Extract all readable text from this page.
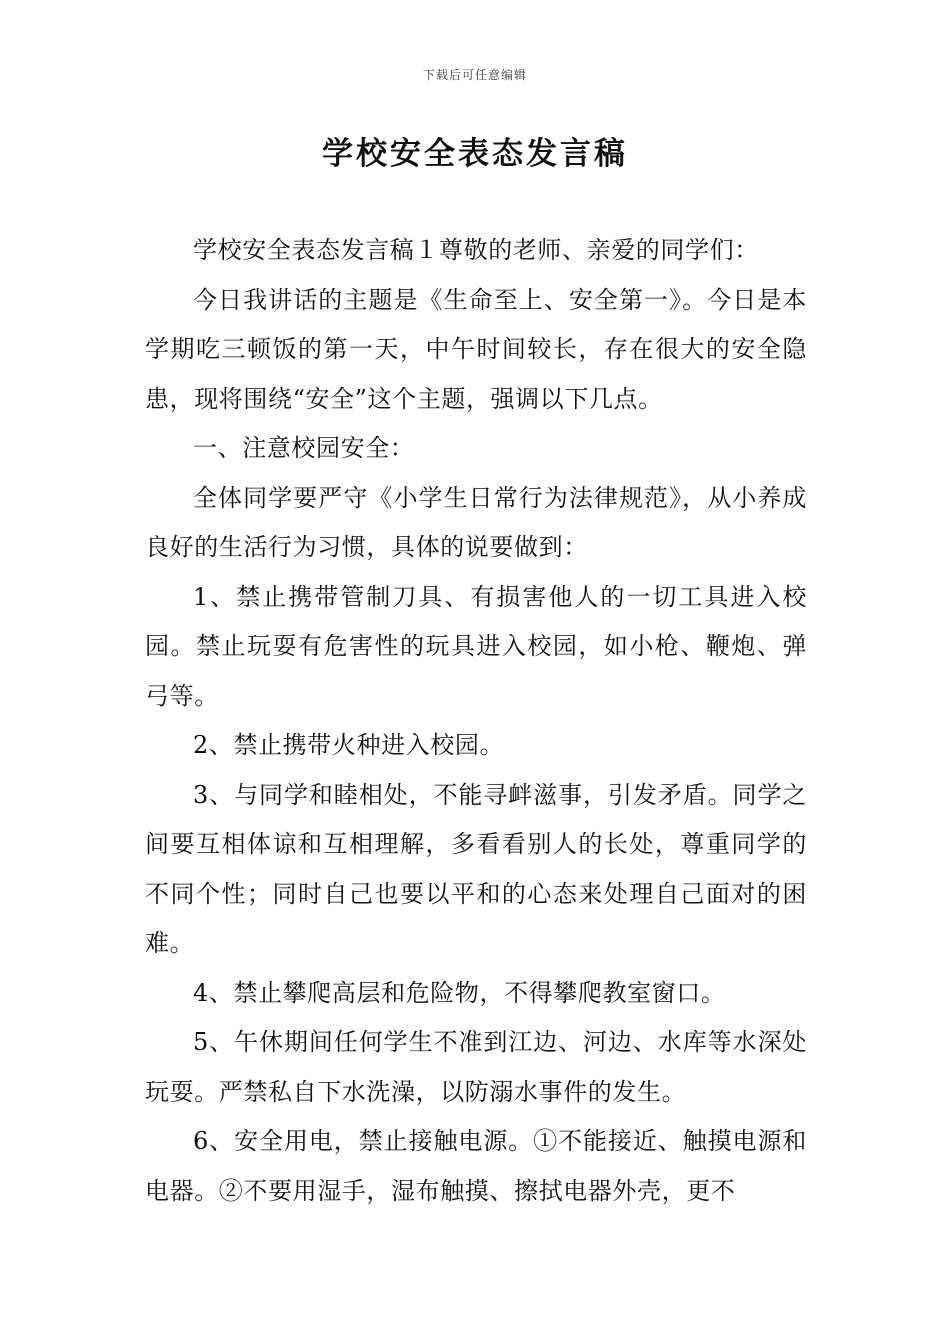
下载后可任意编辑
学校安全表态发言稿

学校安全表态发言稿１尊敬的老师、亲爱的同学们：

今日我讲话的主题是《生命至上、安全第一》。今日是本学期吃三顿饭的第一天，中午时间较长，存在很大的安全隐患，现将围绕“安全”这个主题，强调以下几点。

一、注意校园安全：

全体同学要严守《小学生日常行为法律规范》，从小养成良好的生活行为习惯，具体的说要做到：

1、禁止携带管制刀具、有损害他人的一切工具进入校园。禁止玩耍有危害性的玩具进入校园，如小枪、鞭炮、弹弓等。

2、禁止携带火种进入校园。

3、与同学和睦相处，不能寻衅滋事，引发矛盾。同学之间要互相体谅和互相理解，多看看别人的长处，尊重同学的不同个性；同时自己也要以平和的心态来处理自己面对的困难。

4、禁止攀爬高层和危险物，不得攀爬教室窗口。

5、午休期间任何学生不准到江边、河边、水库等水深处玩耍。严禁私自下水洗澡，以防溺水事件的发生。

6、安全用电，禁止接触电源。①不能接近、触摸电源和电器。②不要用湿手，湿布触摸、擦拭电器外壳，更不
